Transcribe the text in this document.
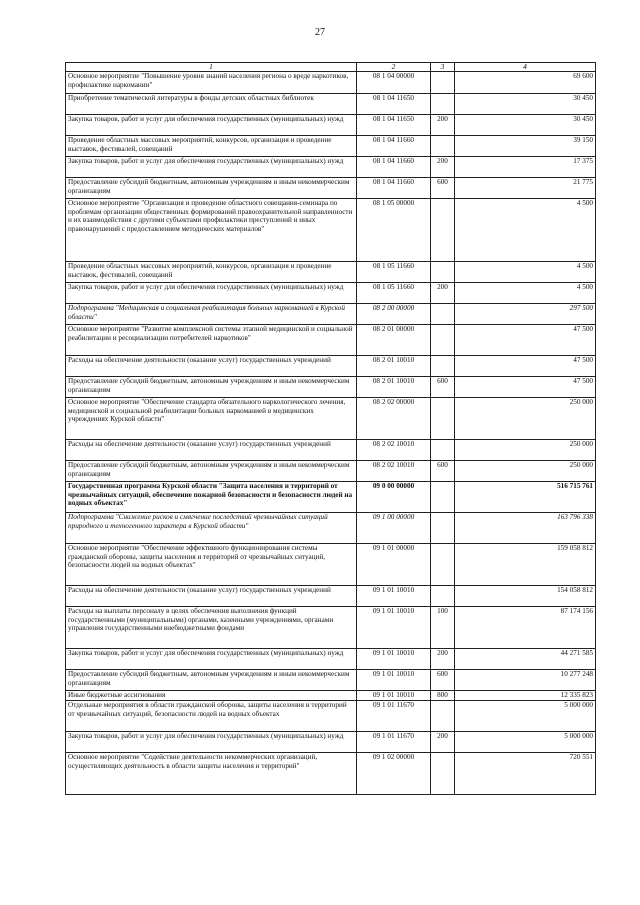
27
1	2	3	4
Основное мероприятие "Повышение уровня знаний населения региона о вреде наркотиков, профилактике наркомании"	08 1 04 00000		69 600
Приобретение тематической литературы в фонды детских областных библиотек	08 1 04 11650		30 450
Закупка товаров, работ и услуг для обеспечения государственных (муниципальных) нужд	08 1 04 11650	200	30 450
Проведение областных массовых мероприятий, конкурсов, организация и проведение выставок, фестивалей, совещаний	08 1 04 11660		39 150
Закупка товаров, работ и услуг для обеспечения государственных (муниципальных) нужд	08 1 04 11660	200	17 375
Предоставление субсидий бюджетным, автономным учреждениям и иным некоммерческим организациям	08 1 04 11660	600	21 775
Основное мероприятие "Организация и проведение областного совещания-семинара по проблемам организации общественных формирований правоохранительной направленности и их взаимодействия с другими субъектами профилактики преступлений и иных правонарушений с предоставлением методических материалов"	08 1 05 00000		4 500
Проведение областных массовых мероприятий, конкурсов, организация и проведение выставок, фестивалей, совещаний	08 1 05 11660		4 500
Закупка товаров, работ и услуг для обеспечения государственных (муниципальных) нужд	08 1 05 11660	200	4 500
Подпрограмма "Медицинская и социальная реабилитация больных наркоманией в Курской области"	08 2 00 00000		297 500
Основное мероприятие "Развитие комплексной системы этапной медицинской и социальной реабилитации и ресоциализации потребителей наркотиков"	08 2 01 00000		47 500
Расходы на обеспечение деятельности (оказание услуг) государственных учреждений	08 2 01 10010		47 500
Предоставление субсидий бюджетным, автономным учреждениям и иным некоммерческим организациям	08 2 01 10010	600	47 500
Основное мероприятие "Обеспечение стандарта обязательного наркологического лечения, медицинской и социальной реабилитации больных наркоманией в медицинских учреждениях Курской области"	08 2 02 00000		250 000
Расходы на обеспечение деятельности (оказание услуг) государственных учреждений	08 2 02 10010		250 000
Предоставление субсидий бюджетным, автономным учреждениям и иным некоммерческим организациям	08 2 02 10010	600	250 000
Государственная программа Курской области "Защита населения и территорий от чрезвычайных ситуаций, обеспечение пожарной безопасности и безопасности людей на водных объектах"	09 0 00 00000		516 715 761
Подпрограмма "Снижение рисков и смягчение последствий чрезвычайных ситуаций природного и техногенного характера в Курской области"	09 1 00 00000		163 796 338
Основное мероприятие "Обеспечение эффективного функционирования системы гражданской обороны, защиты населения и территорий от чрезвычайных ситуаций, безопасности людей на водных объектах"	09 1 01 00000		159 058 812
Расходы на обеспечение деятельности (оказание услуг) государственных учреждений	09 1 01 10010		154 058 812
Расходы на выплаты персоналу в целях обеспечения выполнения функций государственными (муниципальными) органами, казенными учреждениями, органами управления государственными внебюджетными фондами	09 1 01 10010	100	87 174 156
Закупка товаров, работ и услуг для обеспечения государственных (муниципальных) нужд	09 1 01 10010	200	44 271 585
Предоставление субсидий бюджетным, автономным учреждениям и иным некоммерческим организациям	09 1 01 10010	600	10 277 248
Иные бюджетные ассигнования	09 1 01 10010	800	12 335 823
Отдельные мероприятия в области гражданской обороны, защиты населения и территорий от чрезвычайных ситуаций, безопасности людей на водных объектах	09 1 01 11670		5 000 000
Закупка товаров, работ и услуг для обеспечения государственных (муниципальных) нужд	09 1 01 11670	200	5 000 000
Основное мероприятие "Содействие деятельности некоммерческих организаций, осуществляющих деятельность в области защиты населения и территорий"	09 1 02 00000		720 551
